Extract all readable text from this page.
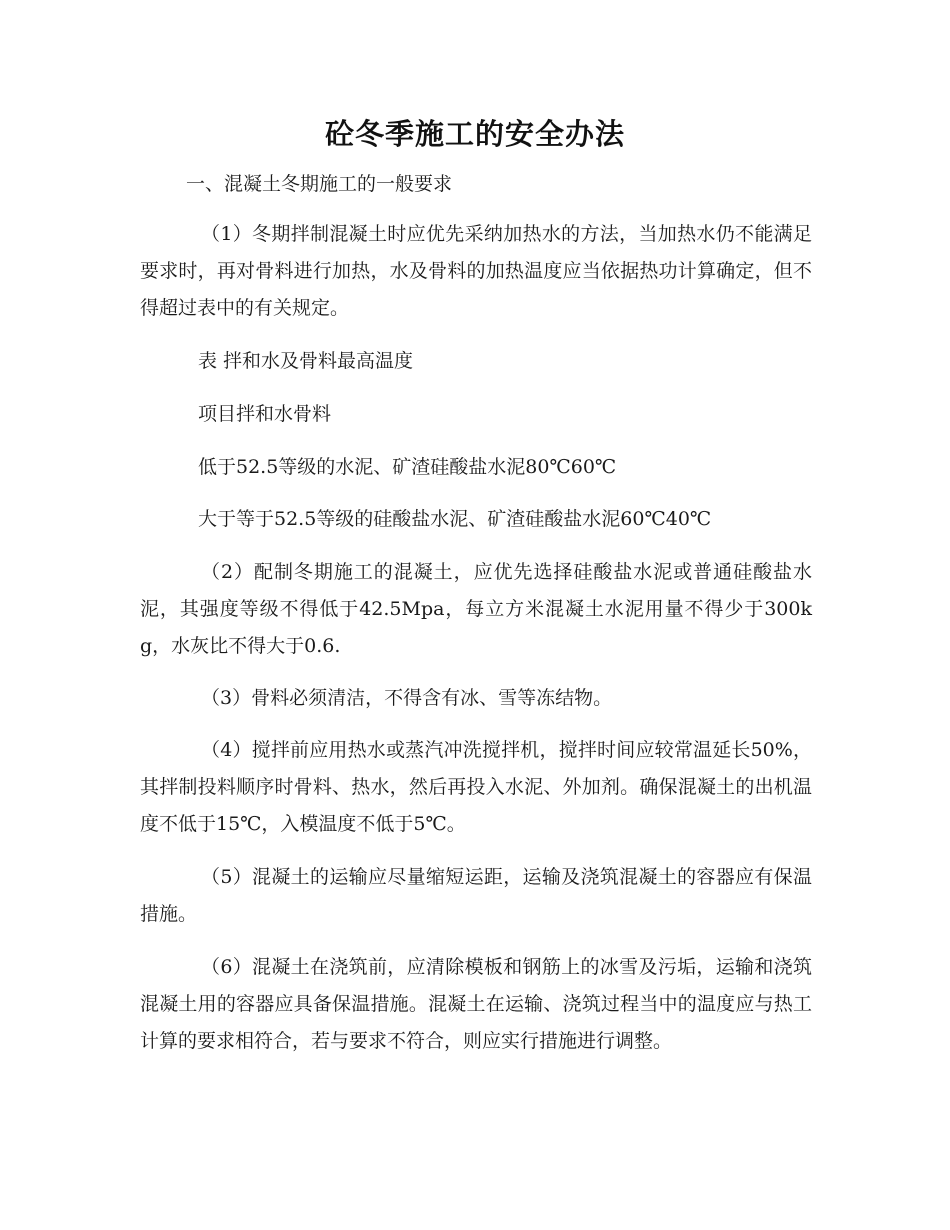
砼冬季施工的安全办法
一、混凝土冬期施工的一般要求
（1）冬期拌制混凝土时应优先采纳加热水的方法，当加热水仍不能满足要求时，再对骨料进行加热，水及骨料的加热温度应当依据热功计算确定，但不得超过表中的有关规定。
表 拌和水及骨料最高温度
项目拌和水骨料
低于52.5等级的水泥、矿渣硅酸盐水泥80℃60℃
大于等于52.5等级的硅酸盐水泥、矿渣硅酸盐水泥60℃40℃
（2）配制冬期施工的混凝土，应优先选择硅酸盐水泥或普通硅酸盐水泥，其强度等级不得低于42.5Mpa，每立方米混凝土水泥用量不得少于300kg，水灰比不得大于0.6.
（3）骨料必须清洁，不得含有冰、雪等冻结物。
（4）搅拌前应用热水或蒸汽冲洗搅拌机，搅拌时间应较常温延长50%，其拌制投料顺序时骨料、热水，然后再投入水泥、外加剂。确保混凝土的出机温度不低于15℃，入模温度不低于5℃。
（5）混凝土的运输应尽量缩短运距，运输及浇筑混凝土的容器应有保温措施。
（6）混凝土在浇筑前，应清除模板和钢筋上的冰雪及污垢，运输和浇筑混凝土用的容器应具备保温措施。混凝土在运输、浇筑过程当中的温度应与热工计算的要求相符合，若与要求不符合，则应实行措施进行调整。
